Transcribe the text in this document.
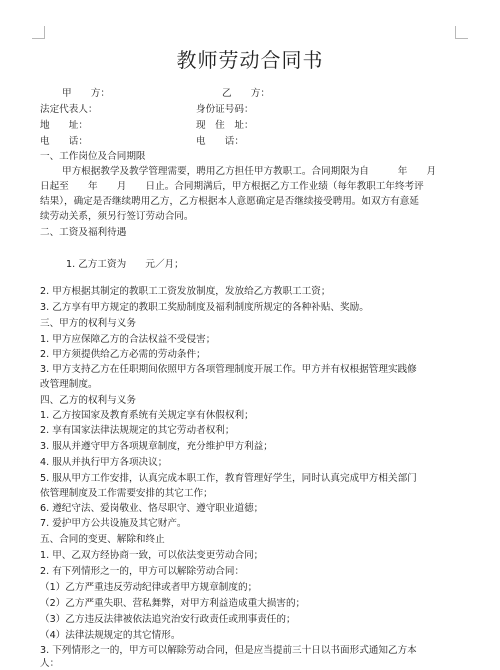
教师劳动合同书
甲　　方：	乙　　方：
法定代表人：	身份证号码：
地　　址：	现　住　址：
电　　话：	电　　话：
一、工作岗位及合同期限
甲方根据教学及教学管理需要，聘用乙方担任甲方教职工。合同期限为自　　　年　　月
日起至　　年　　月　　日止。合同期满后，甲方根据乙方工作业绩（每年教职工年终考评
结果），确定是否继续聘用乙方，乙方根据本人意愿确定是否继续接受聘用。如双方有意延
续劳动关系，须另行签订劳动合同。
二、工资及福利待遇
1. 乙方工资为　　元／月；
2. 甲方根据其制定的教职工工资发放制度，发放给乙方教职工工资；
3. 乙方享有甲方规定的教职工奖励制度及福利制度所规定的各种补贴、奖励。
三、甲方的权利与义务
1. 甲方应保障乙方的合法权益不受侵害；
2. 甲方须提供给乙方必需的劳动条件；
3. 甲方支持乙方在任职期间依照甲方各项管理制度开展工作。甲方并有权根据管理实践修
改管理制度。
四、乙方的权利与义务
1. 乙方按国家及教育系统有关规定享有休假权利；
2. 享有国家法律法规规定的其它劳动者权利；
3. 服从并遵守甲方各项规章制度，充分维护甲方利益；
4. 服从并执行甲方各项决议；
5. 服从甲方工作安排，认真完成本职工作，教育管理好学生，同时认真完成甲方相关部门
依管理制度及工作需要安排的其它工作；
6. 遵纪守法、爱岗敬业、恪尽职守、遵守职业道德；
7. 爱护甲方公共设施及其它财产。
五、合同的变更、解除和终止
1. 甲、乙双方经协商一致，可以依法变更劳动合同；
2. 有下列情形之一的，甲方可以解除劳动合同：
（1）乙方严重违反劳动纪律或者甲方规章制度的；
（2）乙方严重失职、营私舞弊，对甲方利益造成重大损害的；
（3）乙方违反法律被依法追究治安行政责任或刑事责任的；
（4）法律法规规定的其它情形。
3. 下列情形之一的，甲方可以解除劳动合同，但是应当提前三十日以书面形式通知乙方本
人：
